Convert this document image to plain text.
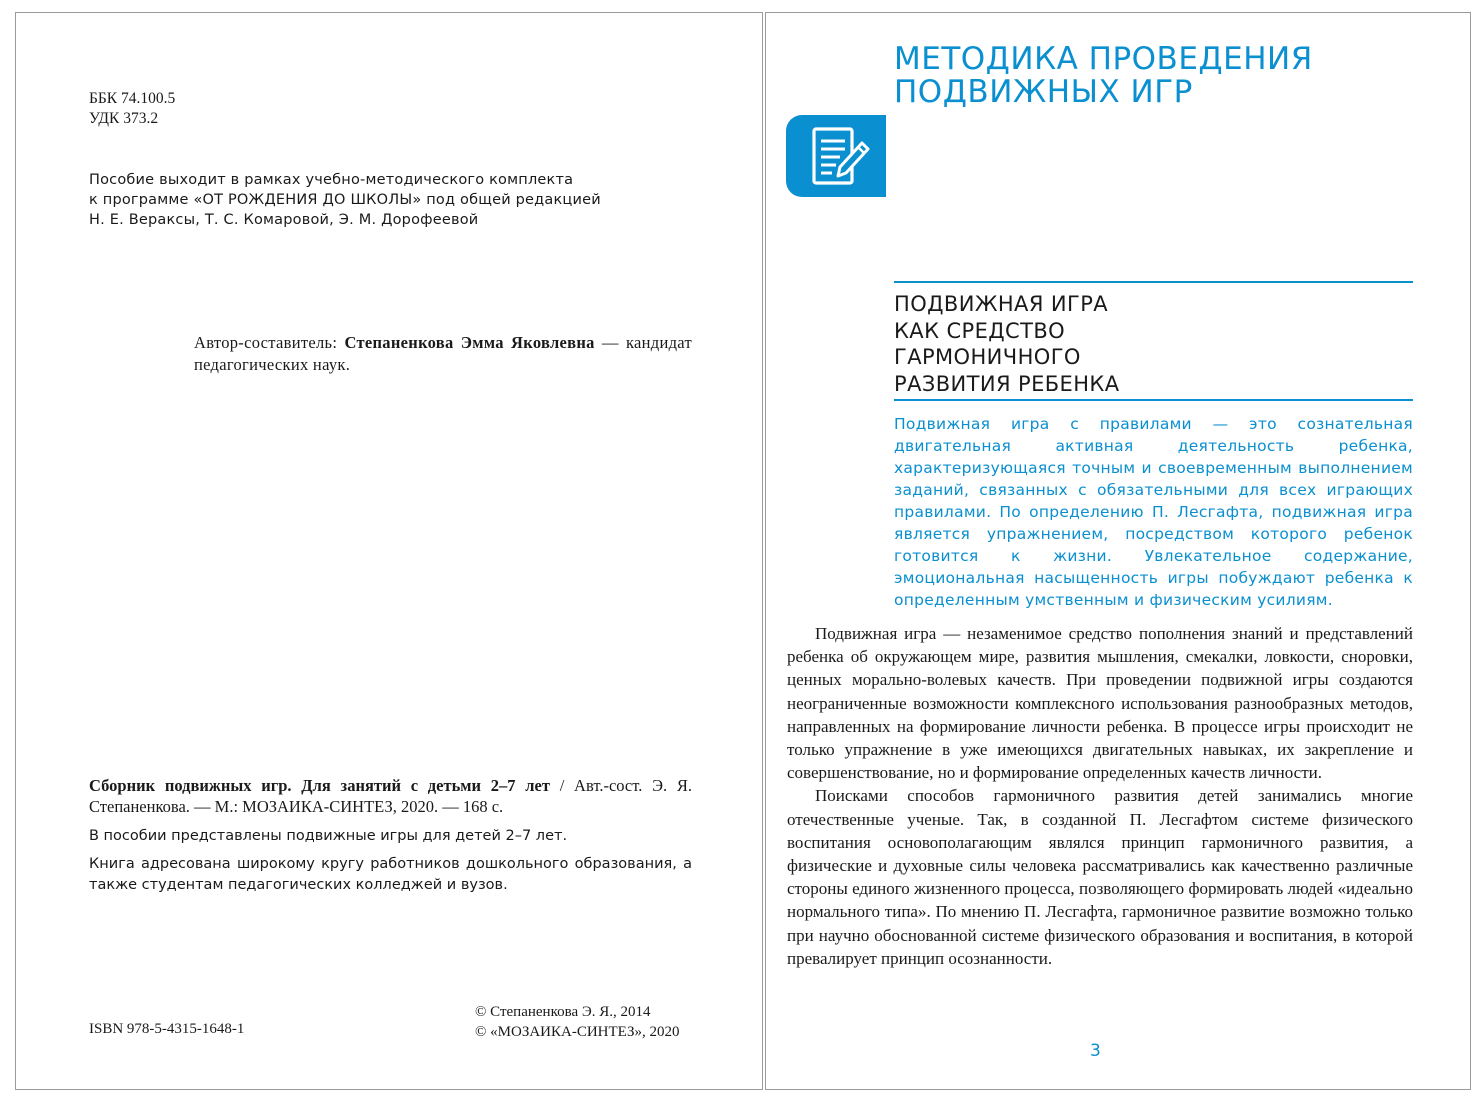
ББК 74.100.5
УДК 373.2
Пособие выходит в рамках учебно-методического комплекта
к программе «ОТ РОЖДЕНИЯ ДО ШКОЛЫ» под общей редакцией
Н. Е. Вераксы, Т. С. Комаровой, Э. М. Дорофеевой
Автор-составитель: Степаненкова Эмма Яковлевна — кандидат педагогических наук.
Сборник подвижных игр. Для занятий с детьми 2–7 лет / Авт.-сост. Э. Я. Степаненкова. — М.: МОЗАИКА-СИНТЕЗ, 2020. — 168 с.
В пособии представлены подвижные игры для детей 2–7 лет.
Книга адресована широкому кругу работников дошкольного образования, а также студентам педагогических колледжей и вузов.
ISBN 978-5-4315-1648-1
© Степаненкова Э. Я., 2014
© «МОЗАИКА-СИНТЕЗ», 2020
МЕТОДИКА ПРОВЕДЕНИЯ
ПОДВИЖНЫХ ИГР
ПОДВИЖНАЯ ИГРА
КАК СРЕДСТВО
ГАРМОНИЧНОГО
РАЗВИТИЯ РЕБЕНКА
Подвижная игра с правилами — это сознательная двигательная активная деятельность ребенка, характеризующаяся точным и своевременным выполнением заданий, связанных с обязательными для всех играющих правилами. По определению П. Лесгафта, подвижная игра является упражнением, посредством которого ребенок готовится к жизни. Увлекательное содержание, эмоциональная насыщенность игры побуждают ребенка к определенным умственным и физическим усилиям.

Подвижная игра — незаменимое средство пополнения знаний и представлений ребенка об окружающем мире, развития мышления, смекалки, ловкости, сноровки, ценных морально-волевых качеств. При проведении подвижной игры создаются неограниченные возможности комплексного использования разнообразных методов, направленных на формирование личности ребенка. В процессе игры происходит не только упражнение в уже имеющихся двигательных навыках, их закрепление и совершенствование, но и формирование определенных качеств личности.

Поисками способов гармоничного развития детей занимались многие отечественные ученые. Так, в созданной П. Лесгафтом системе физического воспитания основополагающим являлся принцип гармоничного развития, а физические и духовные силы человека рассматривались как качественно различные стороны единого жизненного процесса, позволяющего формировать людей «идеально нормального типа». По мнению П. Лесгафта, гармоничное развитие возможно только при научно обоснованной системе физического образования и воспитания, в которой превалирует принцип осознанности.

3
